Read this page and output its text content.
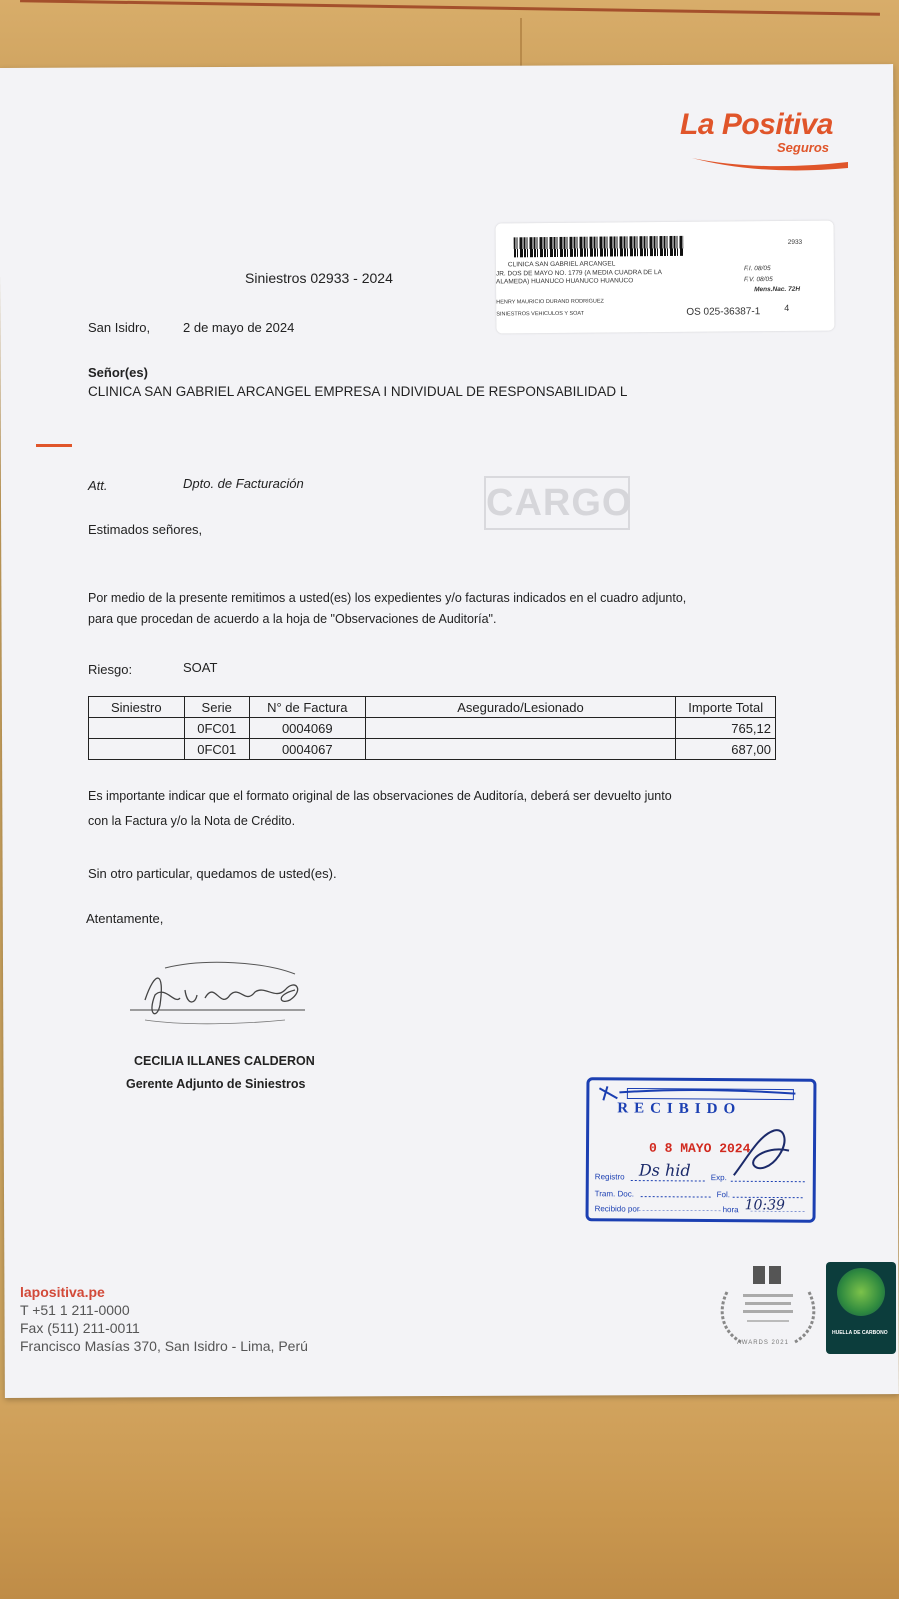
La Positiva
Seguros
2933
CLINICA SAN GABRIEL ARCANGEL
JR. DOS DE MAYO NO. 1779 (A MEDIA CUADRA DE LA
ALAMEDA) HUANUCO HUANUCO HUANUCO
F.I. 08/05
F.V. 08/05
Mens.Nac. 72H
HENRY MAURICIO DURAND RODRIGUEZ
SINIESTROS VEHICULOS Y SOAT	OS 025-36387-1	4
Siniestros 02933 - 2024
San Isidro,	2 de mayo de 2024
Señor(es)
CLINICA SAN GABRIEL ARCANGEL EMPRESA I NDIVIDUAL DE RESPONSABILIDAD L
Att.	Dpto. de Facturación	CARGO
Estimados señores,
Por medio de la presente remitimos a usted(es) los expedientes y/o facturas indicados en el cuadro adjunto,
para que procedan de acuerdo a la hoja de "Observaciones de Auditoría".
Riesgo:	SOAT
Siniestro	Serie	N° de Factura	Asegurado/Lesionado	Importe Total
	0FC01	0004069		765,12
	0FC01	0004067		687,00
Es importante indicar que el formato original de las observaciones de Auditoría, deberá ser devuelto junto
con la Factura y/o la Nota de Crédito.
Sin otro particular, quedamos de usted(es).
Atentamente,
CECILIA ILLANES CALDERON
Gerente Adjunto de Siniestros
RECIBIDO
0 8 MAYO 2024
Registro Ds hid	Exp.
Tram. Doc.	Fol.
Recibido por	hora 10:39
lapositiva.pe
T +51 1 211-0000
Fax (511) 211-0011
Francisco Masías 370, San Isidro - Lima, Perú	AWARDS 2021
HUELLA DE CARBONO
